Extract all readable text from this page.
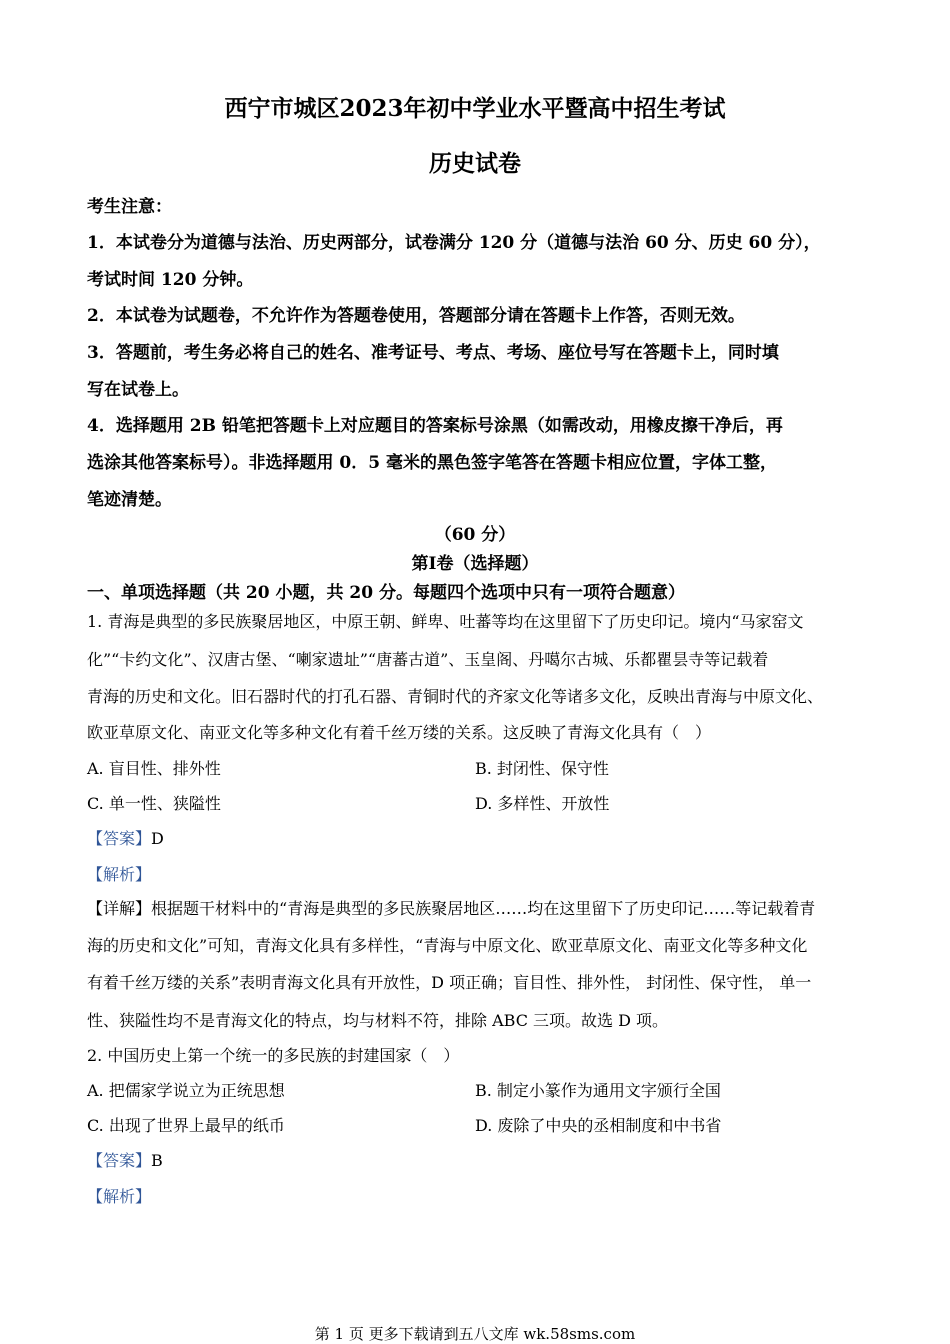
西宁市城区2023年初中学业水平暨高中招生考试
历史试卷
考生注意：
1．本试卷分为道德与法治、历史两部分，试卷满分 120 分（道德与法治 60 分、历史 60 分），
考试时间 120 分钟。
2．本试卷为试题卷，不允许作为答题卷使用，答题部分请在答题卡上作答，否则无效。
3．答题前，考生务必将自己的姓名、准考证号、考点、考场、座位号写在答题卡上，同时填
写在试卷上。
4．选择题用 2B 铅笔把答题卡上对应题目的答案标号涂黑（如需改动，用橡皮擦干净后，再
选涂其他答案标号）。非选择题用 0．5 毫米的黑色签字笔答在答题卡相应位置，字体工整，
笔迹清楚。
（60 分）
第Ⅰ卷（选择题）
一、单项选择题（共 20 小题，共 20 分。每题四个选项中只有一项符合题意）
1. 青海是典型的多民族聚居地区，中原王朝、鲜卑、吐蕃等均在这里留下了历史印记。境内“马家窑文
化”“卡约文化”、汉唐古堡、“喇家遗址”“唐蕃古道”、玉皇阁、丹噶尔古城、乐都瞿昙寺等记载着
青海的历史和文化。旧石器时代的打孔石器、青铜时代的齐家文化等诸多文化，反映出青海与中原文化、
欧亚草原文化、南亚文化等多种文化有着千丝万缕的关系。这反映了青海文化具有（　）
A. 盲目性、排外性	B. 封闭性、保守性
C. 单一性、狭隘性	D. 多样性、开放性
【答案】D
【解析】
【详解】根据题干材料中的“青海是典型的多民族聚居地区……均在这里留下了历史印记……等记载着青
海的历史和文化”可知，青海文化具有多样性，“青海与中原文化、欧亚草原文化、南亚文化等多种文化
有着千丝万缕的关系”表明青海文化具有开放性，D 项正确；盲目性、排外性， 封闭性、保守性， 单一
性、狭隘性均不是青海文化的特点，均与材料不符，排除 ABC 三项。故选 D 项。
2. 中国历史上第一个统一的多民族的封建国家（　）
A. 把儒家学说立为正统思想	B. 制定小篆作为通用文字颁行全国
C. 出现了世界上最早的纸币	D. 废除了中央的丞相制度和中书省
【答案】B
【解析】
第 1 页 更多下载请到五八文库 wk.58sms.com
